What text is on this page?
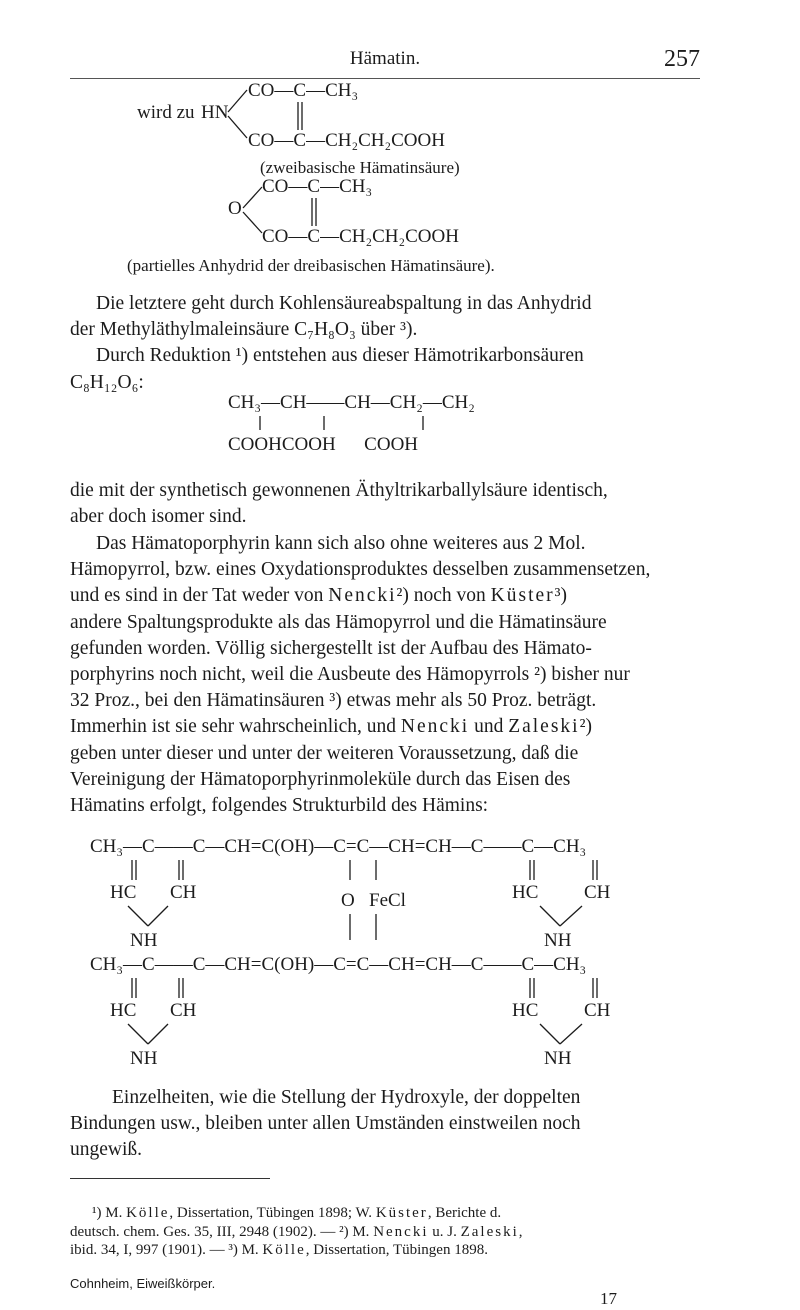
Hämatin.	257
wird zu HN
CO—C—CH₃
CO—C—CH₂CH₂COOH
(zweibasische Hämatinsäure)
O
CO—C—CH₃
CO—C—CH₂CH₂COOH
(partielles Anhydrid der dreibasischen Hämatinsäure).

Die letztere geht durch Kohlensäureabspaltung in das Anhydrid
der Methyläthylmaleinsäure C₇H₈O₃ über ³).
Durch Reduktion ¹) entstehen aus dieser Hämotrikarbonsäuren
C₈H₁₂O₆:

CH₃—CH——CH—CH₂—CH₂
COOHCOOH      COOH

die mit der synthetisch gewonnenen Äthyltrikarballylsäure identisch,
aber doch isomer sind.

Das Hämatoporphyrin kann sich also ohne weiteres aus 2 Mol.
Hämopyrrol, bzw. eines Oxydationsproduktes desselben zusammensetzen,
und es sind in der Tat weder von Nencki²) noch von Küster³)
andere Spaltungsprodukte als das Hämopyrrol und die Hämatinsäure
gefunden worden. Völlig sichergestellt ist der Aufbau des Hämato-
porphyrins noch nicht, weil die Ausbeute des Hämopyrrols ²) bisher nur
32 Proz., bei den Hämatinsäuren ³) etwas mehr als 50 Proz. beträgt.
Immerhin ist sie sehr wahrscheinlich, und Nencki und Zaleski²)
geben unter dieser und unter der weiteren Voraussetzung, daß die
Vereinigung der Hämatoporphyrinmoleküle durch das Eisen des
Hämatins erfolgt, folgendes Strukturbild des Hämins:

CH₃—C——C—CH=C(OH)—C=C—CH=CH—C——C—CH₃
HC CH
NH
O FeCl	HC CH
NH
CH₃—C——C—CH=C(OH)—C=C—CH=CH—C——C—CH₃
HC CH
NH
HC CH
NH

Einzelheiten, wie die Stellung der Hydroxyle, der doppelten
Bindungen usw., bleiben unter allen Umständen einstweilen noch
ungewiß.

¹) M. Kölle, Dissertation, Tübingen 1898; W. Küster, Berichte d.
deutsch. chem. Ges. 35, III, 2948 (1902). — ²) M. Nencki u. J. Zaleski,
ibid. 34, I, 997 (1901). — ³) M. Kölle, Dissertation, Tübingen 1898.

Cohnheim, Eiweißkörper.
17
